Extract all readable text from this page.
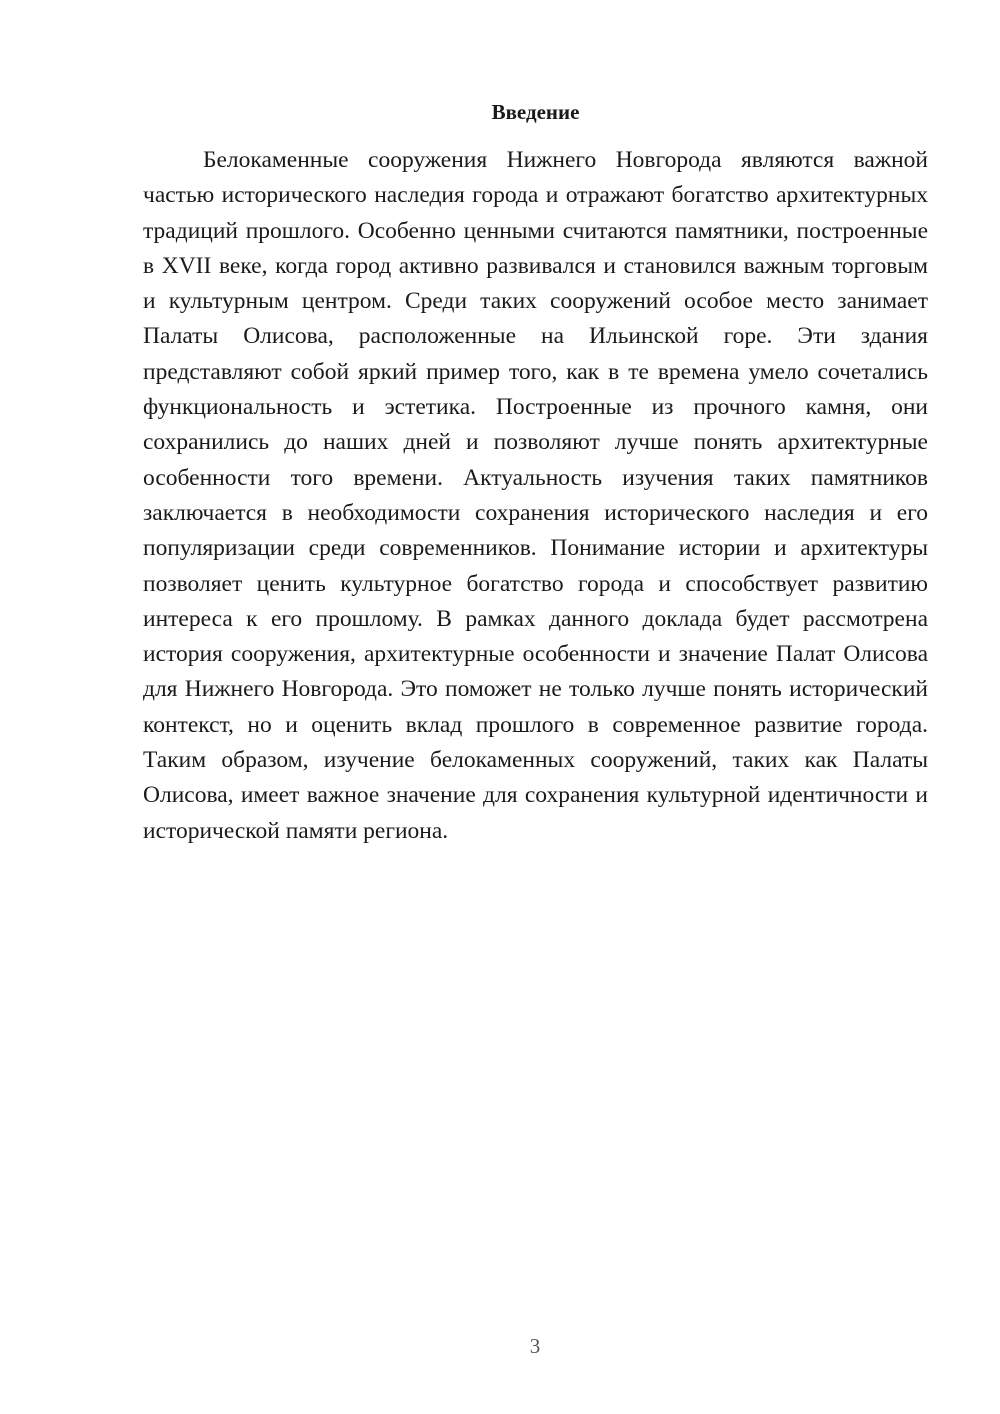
Введение

Белокаменные сооружения Нижнего Новгорода являются важной частью исторического наследия города и отражают богатство архитектурных традиций прошлого. Особенно ценными считаются памятники, построенные в XVII веке, когда город активно развивался и становился важным торговым и культурным центром. Среди таких сооружений особое место занимает Палаты Олисова, расположенные на Ильинской горе. Эти здания представляют собой яркий пример того, как в те времена умело сочетались функциональность и эстетика. Построенные из прочного камня, они сохранились до наших дней и позволяют лучше понять архитектурные особенности того времени. Актуальность изучения таких памятников заключается в необходимости сохранения исторического наследия и его популяризации среди современников. Понимание истории и архитектуры позволяет ценить культурное богатство города и способствует развитию интереса к его прошлому. В рамках данного доклада будет рассмотрена история сооружения, архитектурные особенности и значение Палат Олисова для Нижнего Новгорода. Это поможет не только лучше понять исторический контекст, но и оценить вклад прошлого в современное развитие города. Таким образом, изучение белокаменных сооружений, таких как Палаты Олисова, имеет важное значение для сохранения культурной идентичности и исторической памяти региона.

3
